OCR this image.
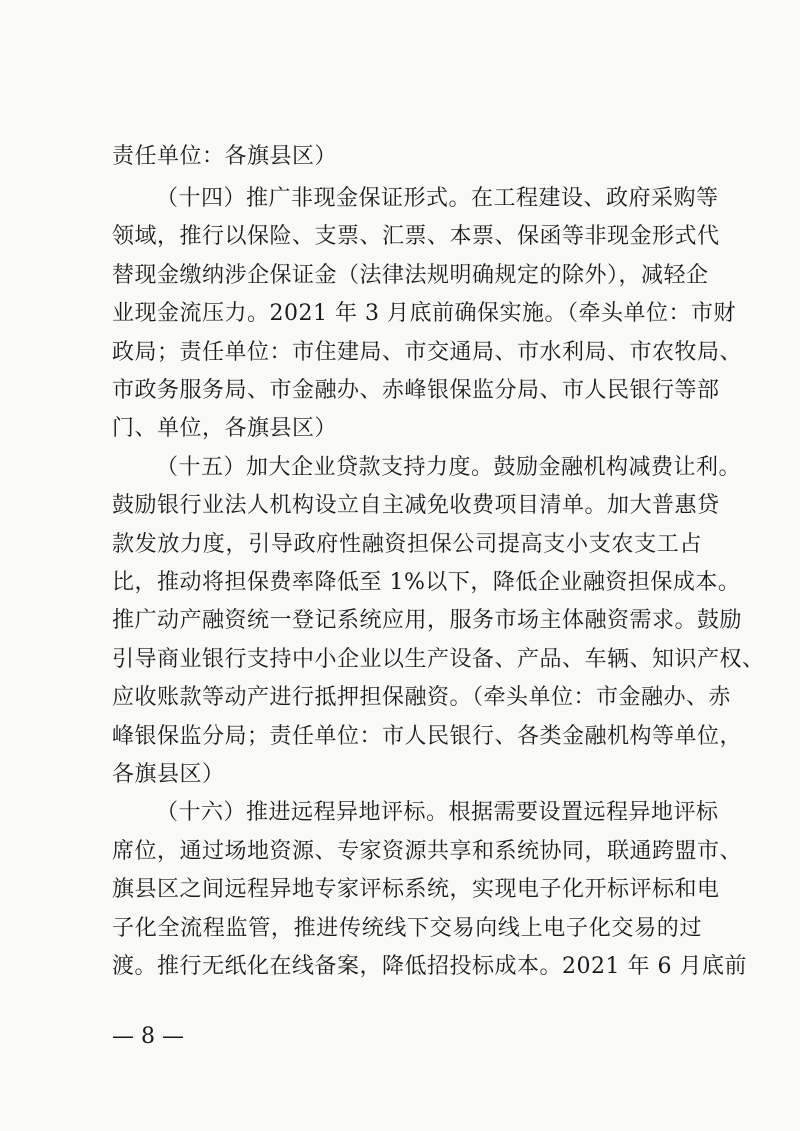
责任单位：各旗县区）
（十四）推广非现金保证形式。在工程建设、政府采购等
领域，推行以保险、支票、汇票、本票、保函等非现金形式代
替现金缴纳涉企保证金（法律法规明确规定的除外），减轻企
业现金流压力。2021 年 3 月底前确保实施。（牵头单位：市财
政局；责任单位：市住建局、市交通局、市水利局、市农牧局、
市政务服务局、市金融办、赤峰银保监分局、市人民银行等部
门、单位，各旗县区）
（十五）加大企业贷款支持力度。鼓励金融机构减费让利。
鼓励银行业法人机构设立自主减免收费项目清单。加大普惠贷
款发放力度，引导政府性融资担保公司提高支小支农支工占
比，推动将担保费率降低至 1%以下，降低企业融资担保成本。
推广动产融资统一登记系统应用，服务市场主体融资需求。鼓励
引导商业银行支持中小企业以生产设备、产品、车辆、知识产权、
应收账款等动产进行抵押担保融资。（牵头单位：市金融办、赤
峰银保监分局；责任单位：市人民银行、各类金融机构等单位，
各旗县区）
（十六）推进远程异地评标。根据需要设置远程异地评标
席位，通过场地资源、专家资源共享和系统协同，联通跨盟市、
旗县区之间远程异地专家评标系统，实现电子化开标评标和电
子化全流程监管，推进传统线下交易向线上电子化交易的过
渡。推行无纸化在线备案，降低招投标成本。2021 年 6 月底前
— 8 —
